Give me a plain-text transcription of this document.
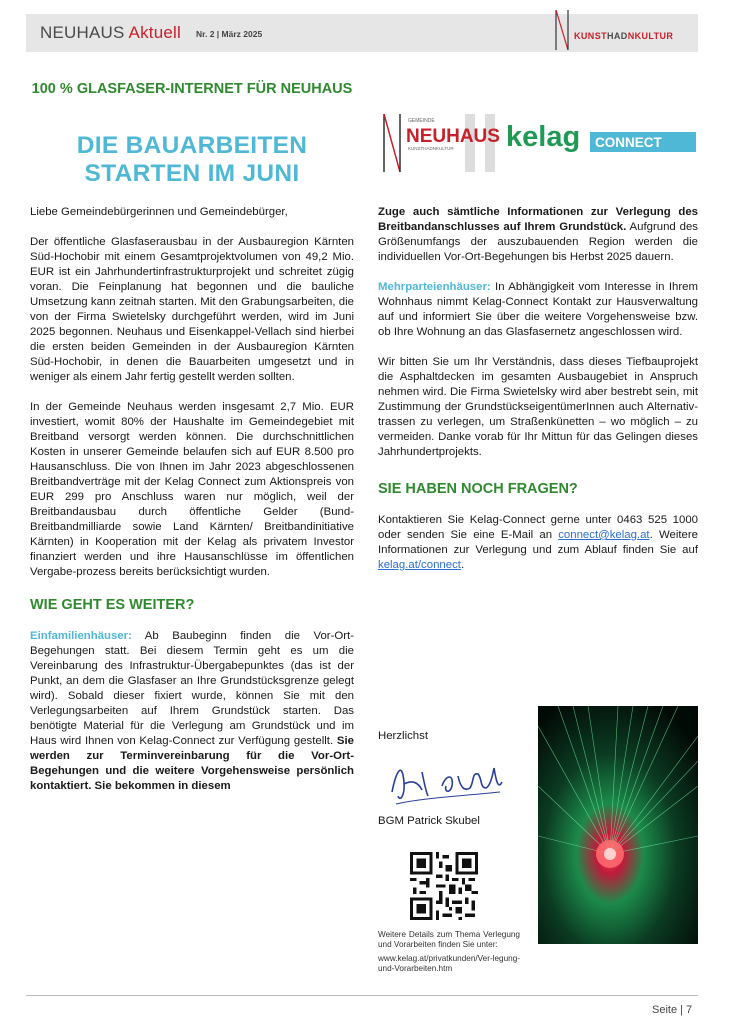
NEUHAUS Aktuell Nr. 2 | März 2025	KUNSTHADNKULTUR
100 % GLASFASER-INTERNET FÜR NEUHAUS
DIE BAUARBEITEN
STARTEN IM JUNI
GEMEINDE
NEUHAUS
KUNSTHADNKULTUR kelag CONNECT

Liebe Gemeindebürgerinnen und Gemeindebürger,

Der öffentliche Glasfaserausbau in der Ausbauregion Kärnten Süd-Hochobir mit einem Gesamtprojektvolumen von 49,2 Mio. EUR ist ein Jahrhundertinfrastrukturprojekt und schreitet zügig voran. Die Feinplanung hat begonnen und die bauliche Umsetzung kann zeitnah starten. Mit den Grabungsarbeiten, die von der Firma Swietelsky durchgeführt werden, wird im Juni 2025 begonnen. Neuhaus und Eisenkappel-Vellach sind hierbei die ersten beiden Gemeinden in der Ausbauregion Kärnten Süd-Hochobir, in denen die Bauarbeiten umgesetzt und in weniger als einem Jahr fertig gestellt werden sollten.

In der Gemeinde Neuhaus werden insgesamt 2,7 Mio. EUR investiert, womit 80% der Haushalte im Gemeindegebiet mit Breitband versorgt werden können. Die durchschnittlichen Kosten in unserer Gemeinde belaufen sich auf EUR 8.500 pro Hausanschluss. Die von Ihnen im Jahr 2023 abgeschlossenen Breitbandverträge mit der Kelag Connect zum Aktionspreis von EUR 299 pro Anschluss waren nur möglich, weil der Breitbandausbau durch öffentliche Gelder (Bund-Breitbandmilliarde sowie Land Kärnten/ Breitbandinitiative Kärnten) in Kooperation mit der Kelag als privatem Investor finanziert werden und ihre Hausanschlüsse im öffentlichen Vergabe-prozess bereits berücksichtigt wurden.

WIE GEHT ES WEITER?

Einfamilienhäuser: Ab Baubeginn finden die Vor-Ort-Begehungen statt. Bei diesem Termin geht es um die Vereinbarung des Infrastruktur-Übergabepunktes (das ist der Punkt, an dem die Glasfaser an Ihre Grundstücksgrenze gelegt wird). Sobald dieser fixiert wurde, können Sie mit den Verlegungsarbeiten auf Ihrem Grundstück starten. Das benötigte Material für die Verlegung am Grundstück und im Haus wird Ihnen von Kelag-Connect zur Verfügung gestellt. Sie werden zur Terminvereinbarung für die Vor-Ort-Begehungen und die weitere Vorgehensweise persönlich kontaktiert. Sie bekommen in diesem

Zuge auch sämtliche Informationen zur Verlegung des Breitbandanschlusses auf Ihrem Grundstück. Aufgrund des Größenumfangs der auszubauenden Region werden die individuellen Vor-Ort-Begehungen bis Herbst 2025 dauern.

Mehrparteienhäuser: In Abhängigkeit vom Interesse in Ihrem Wohnhaus nimmt Kelag-Connect Kontakt zur Hausverwaltung auf und informiert Sie über die weitere Vorgehensweise bzw. ob Ihre Wohnung an das Glasfasernetz angeschlossen wird.

Wir bitten Sie um Ihr Verständnis, dass dieses Tiefbauprojekt die Asphaltdecken im gesamten Ausbaugebiet in Anspruch nehmen wird. Die Firma Swietelsky wird aber bestrebt sein, mit Zustimmung der GrundstückseigentümerInnen auch Alternativ-trassen zu verlegen, um Straßenkünetten – wo möglich – zu vermeiden. Danke vorab für Ihr Mittun für das Gelingen dieses Jahrhundertprojekts.

SIE HABEN NOCH FRAGEN?

Kontaktieren Sie Kelag-Connect gerne unter 0463 525 1000 oder senden Sie eine E-Mail an connect@kelag.at. Weitere Informationen zur Verlegung und zum Ablauf finden Sie auf kelag.at/connect.

Herzlichst
BGM Patrick Skubel
Weitere Details zum Thema Verlegung und Vorarbeiten finden Sie unter:
www.kelag.at/privatkunden/Ver-legung-und-Vorarbeiten.htm
Seite | 7
